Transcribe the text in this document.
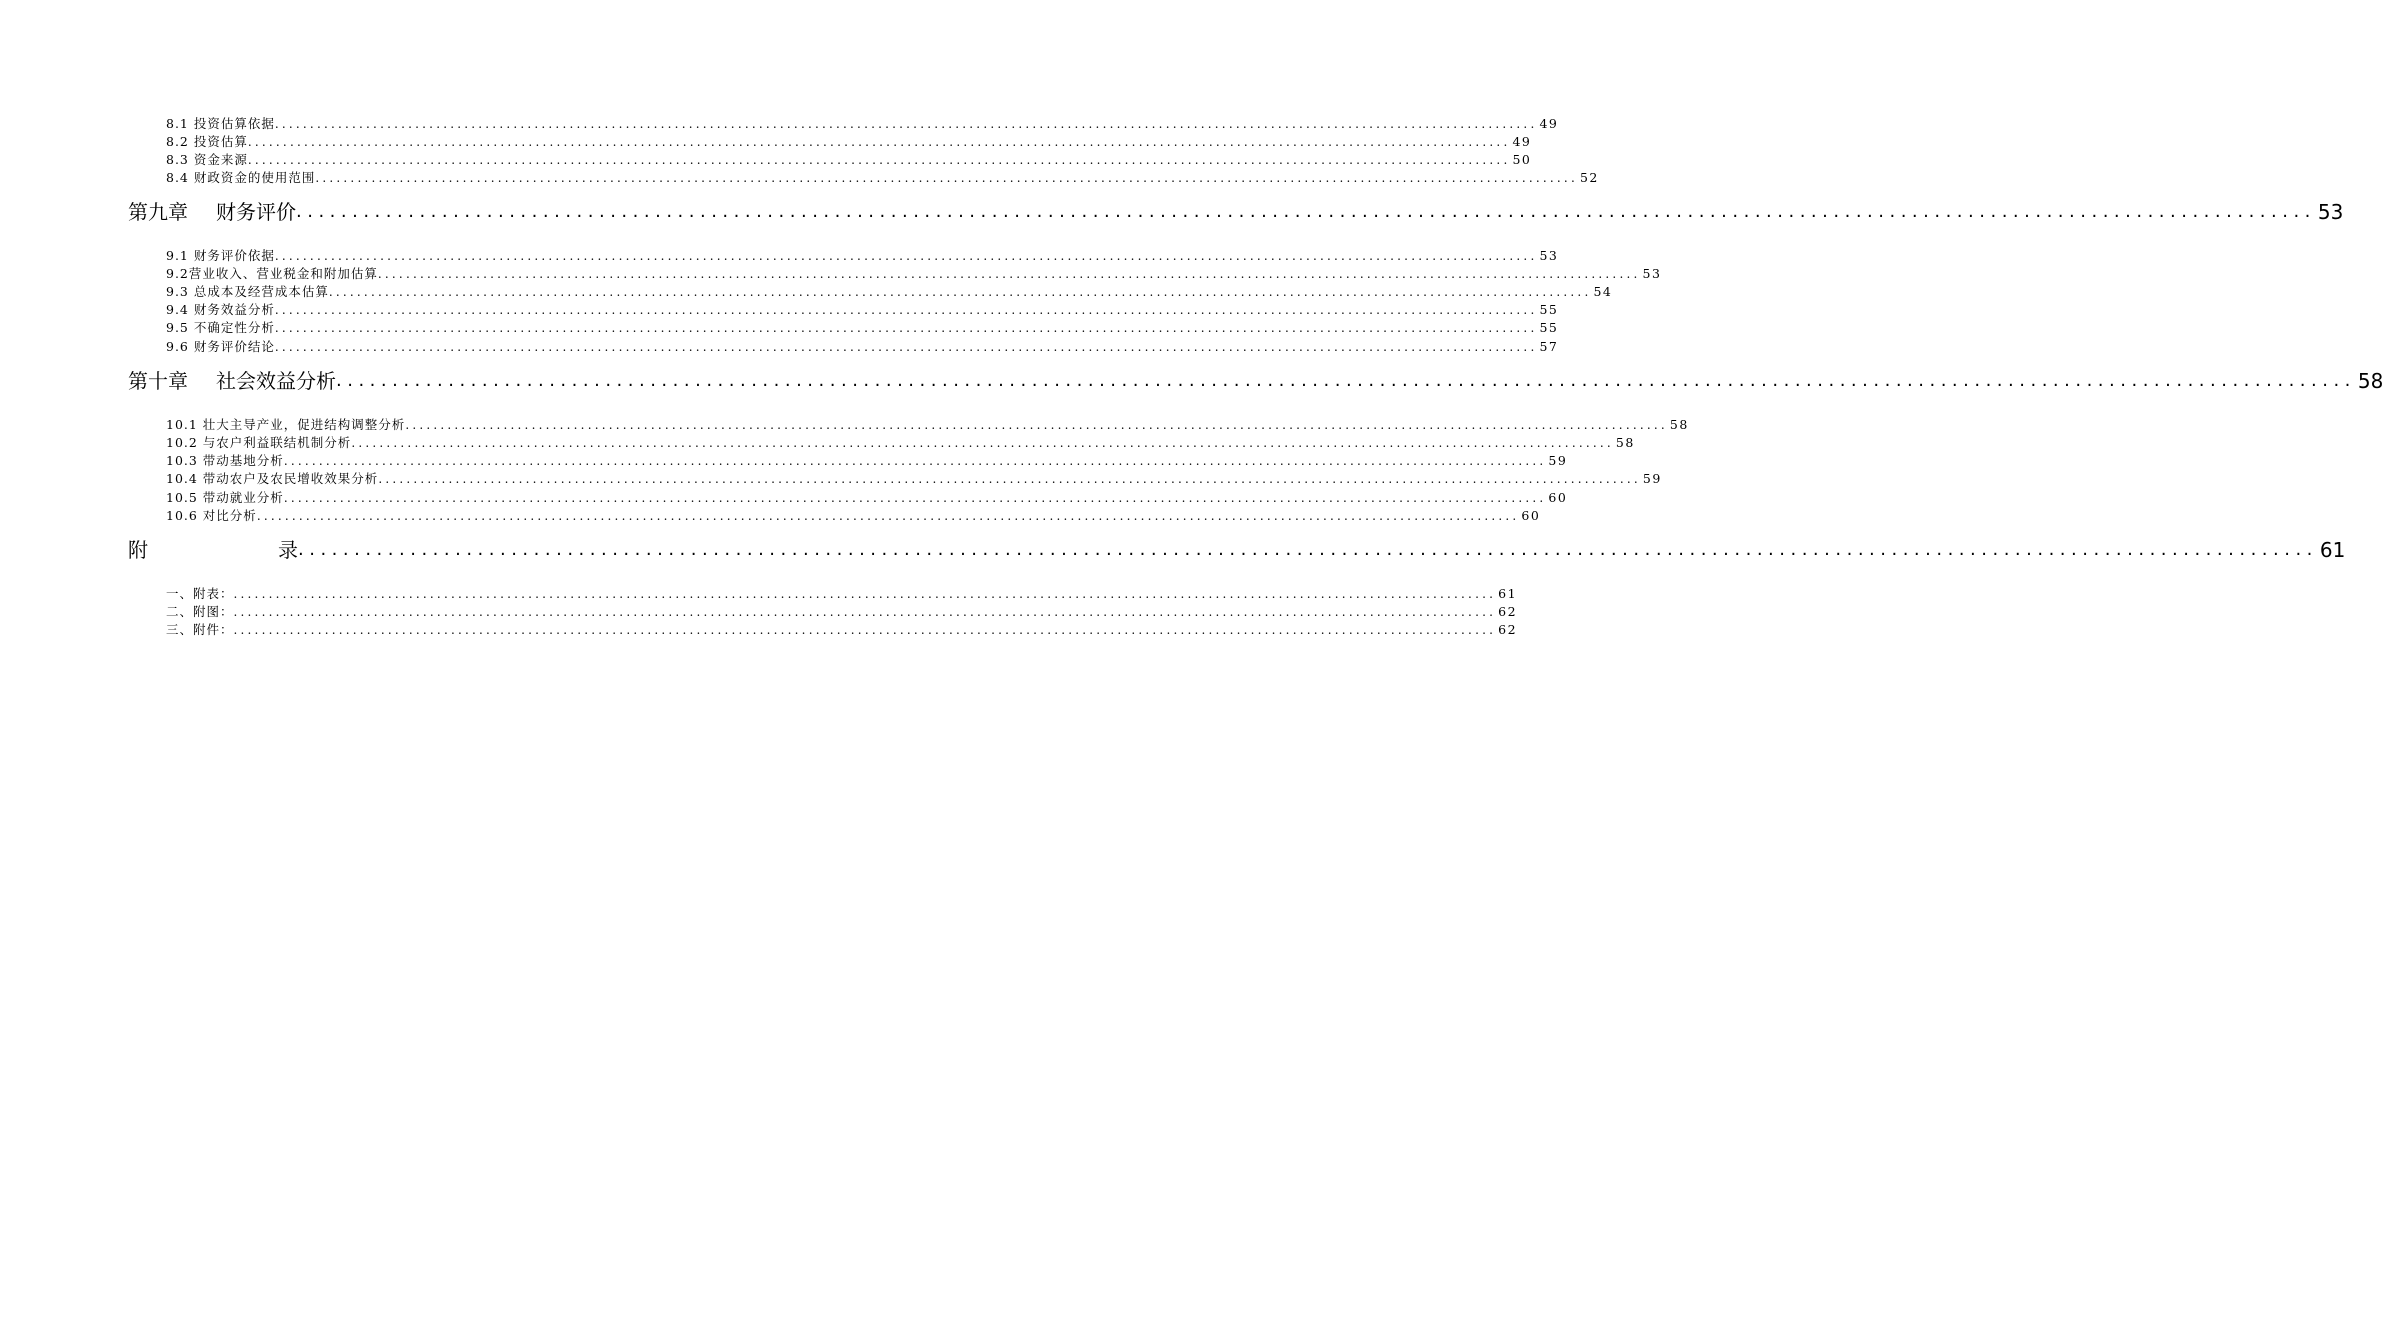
8.1 投资估算依据 .................................................................................................................................................................................... 49
8.2 投资估算 .................................................................................................................................................................................... 49
8.3 资金来源 .................................................................................................................................................................................... 50
8.4 财政资金的使用范围 .................................................................................................................................................................................... 52
第九章 财务评价 .................................................................................................................................................................................... 53
9.1 财务评价依据 .................................................................................................................................................................................... 53
9.2营业收入、营业税金和附加估算 .................................................................................................................................................................................... 53
9.3 总成本及经营成本估算 .................................................................................................................................................................................... 54
9.4 财务效益分析 .................................................................................................................................................................................... 55
9.5 不确定性分析 .................................................................................................................................................................................... 55
9.6 财务评价结论 .................................................................................................................................................................................... 57
第十章 社会效益分析 .................................................................................................................................................................................... 58
10.1 壮大主导产业，促进结构调整分析 .................................................................................................................................................................................... 58
10.2 与农户利益联结机制分析 .................................................................................................................................................................................... 58
10.3 带动基地分析 .................................................................................................................................................................................... 59
10.4 带动农户及农民增收效果分析 .................................................................................................................................................................................... 59
10.5 带动就业分析 .................................................................................................................................................................................... 60
10.6 对比分析 .................................................................................................................................................................................... 60
附	录 .................................................................................................................................................................................... 61
一、附表： .................................................................................................................................................................................... 61
二、附图： .................................................................................................................................................................................... 62
三、附件： .................................................................................................................................................................................... 62
